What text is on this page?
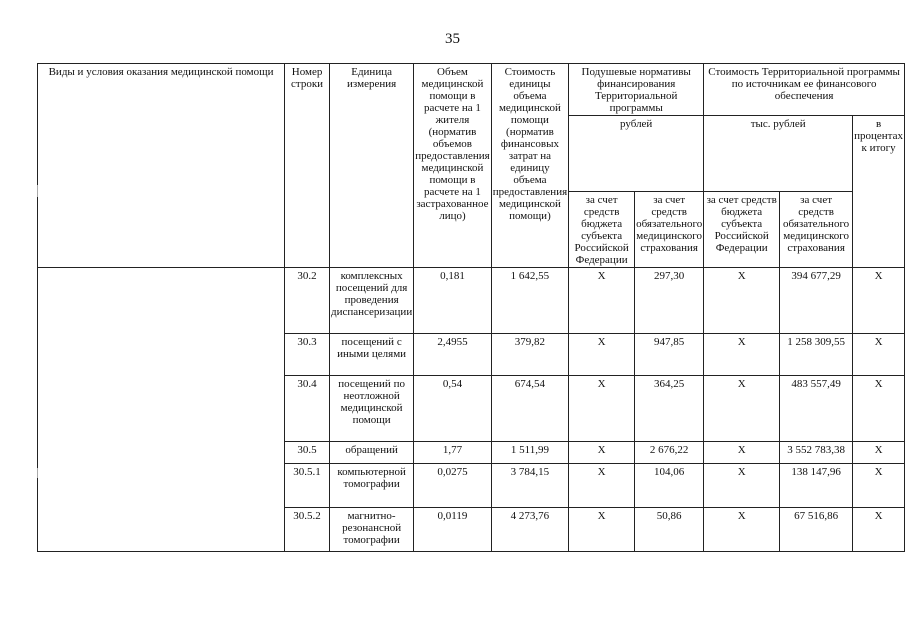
35
Виды и условия оказания медицинской помощи	Номер строки	Единица измерения	Объем медицинской помощи в расчете на 1 жителя (норматив объемов предоставления медицинской помощи в расчете на 1 застрахованное лицо)	Стоимость единицы объема медицинской помощи (норматив финансовых затрат на единицу объема предоставления медицинской помощи)	Подушевые нормативы финансирования Территориальной программы		Стоимость Территориальной программы по источникам ее финансового обеспечения		
					рублей		тыс. рублей		в процентах к итогу
					за счет средств бюджета субъекта Российской Федерации	за счет средств обязательного медицинского страхования	за счет средств бюджета субъекта Российской Федерации	за счет средств обязательного медицинского страхования	
	30.2	комплексных посещений для проведения диспансеризации	0,181	1 642,55	X	297,30	X	394 677,29	X
	30.3	посещений с иными целями	2,4955	379,82	X	947,85	X	1 258 309,55	X
	30.4	посещений по неотложной медицинской помощи	0,54	674,54	X	364,25	X	483 557,49	X
	30.5	обращений	1,77	1 511,99	X	2 676,22	X	3 552 783,38	X
	30.5.1	компьютерной томографии	0,0275	3 784,15	X	104,06	X	138 147,96	X
	30.5.2	магнитно-резонансной томографии	0,0119	4 273,76	X	50,86	X	67 516,86	X
